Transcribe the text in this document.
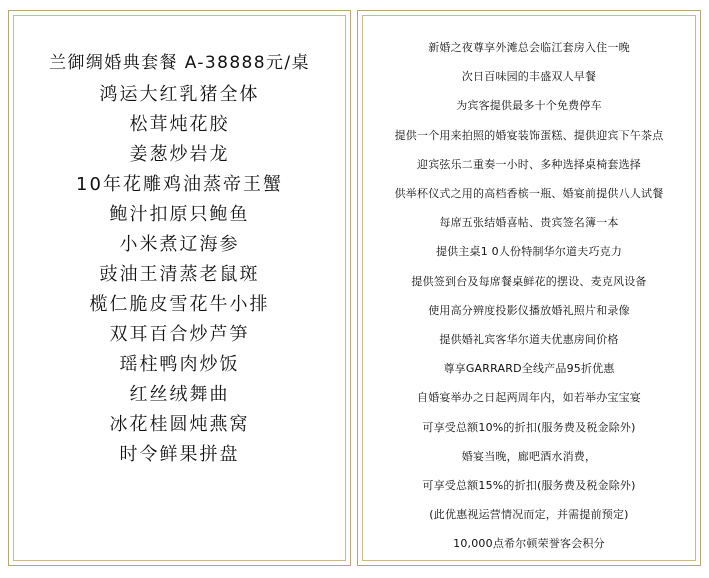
兰御绸婚典套餐 A-38888元/桌
鸿运大红乳猪全体
松茸炖花胶
姜葱炒岩龙
10年花雕鸡油蒸帝王蟹
鲍汁扣原只鲍鱼
小米煮辽海参
豉油王清蒸老鼠斑
榄仁脆皮雪花牛小排
双耳百合炒芦笋
瑶柱鸭肉炒饭
红丝绒舞曲
冰花桂圆炖燕窝
时令鲜果拼盘
新婚之夜尊享外滩总会临江套房入住一晚
次日百味园的丰盛双人早餐
为宾客提供最多十个免费停车
提供一个用来拍照的婚宴装饰蛋糕、提供迎宾下午茶点
迎宾弦乐二重奏一小时、多种选择桌椅套选择
供举杯仪式之用的高档香槟一瓶、婚宴前提供八人试餐
每席五张结婚喜帖、贵宾签名簿一本
提供主桌1 0人份特制华尔道夫巧克力
提供签到台及每席餐桌鲜花的摆设、麦克风设备
使用高分辨度投影仪播放婚礼照片和录像
提供婚礼宾客华尔道夫优惠房间价格
尊享GARRARD全线产品95折优惠
自婚宴举办之日起两周年内，如若举办宝宝宴
可享受总额10%的折扣(服务费及税金除外)
婚宴当晚，廊吧酒水消费，
可享受总额15%的折扣(服务费及税金除外)
(此优惠视运营情况而定，并需提前预定)
10,000点希尔顿荣誉客会积分
